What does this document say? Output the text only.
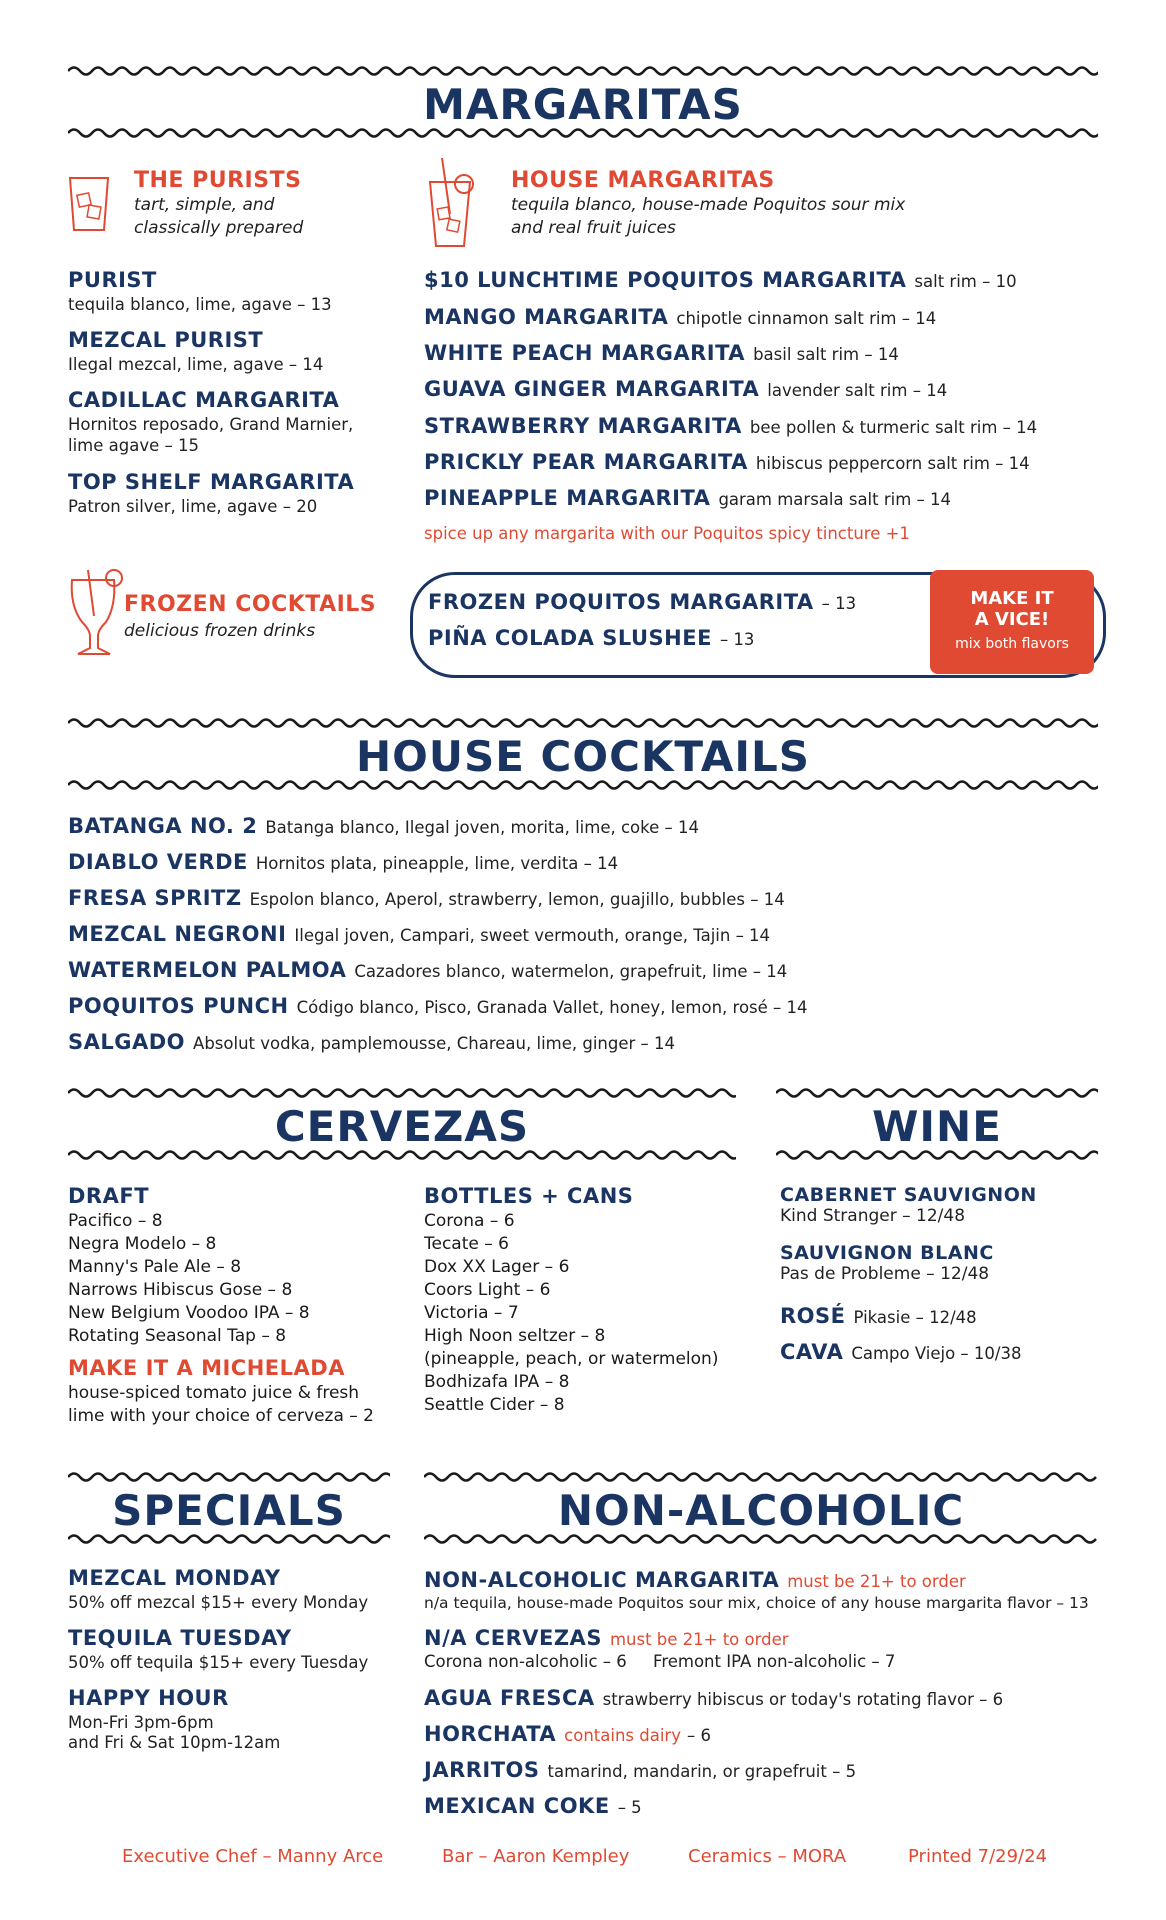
MARGARITAS
THE PURISTS
tart, simple, and
classically prepared
PURIST
tequila blanco, lime, agave – 13
MEZCAL PURIST
Ilegal mezcal, lime, agave – 14
CADILLAC MARGARITA
Hornitos reposado, Grand Marnier,
lime agave – 15
TOP SHELF MARGARITA
Patron silver, lime, agave – 20
HOUSE MARGARITAS
tequila blanco, house-made Poquitos sour mix
and real fruit juices
$10 LUNCHTIME POQUITOS MARGARITA salt rim – 10
MANGO MARGARITA chipotle cinnamon salt rim – 14
WHITE PEACH MARGARITA basil salt rim – 14
GUAVA GINGER MARGARITA lavender salt rim – 14
STRAWBERRY MARGARITA bee pollen & turmeric salt rim – 14
PRICKLY PEAR MARGARITA hibiscus peppercorn salt rim – 14
PINEAPPLE MARGARITA garam marsala salt rim – 14
spice up any margarita with our Poquitos spicy tincture +1
FROZEN COCKTAILS
delicious frozen drinks
FROZEN POQUITOS MARGARITA – 13
PIÑA COLADA SLUSHEE – 13
MAKE IT
A VICE!
mix both flavors
HOUSE COCKTAILS
BATANGA NO. 2 Batanga blanco, Ilegal joven, morita, lime, coke – 14
DIABLO VERDE Hornitos plata, pineapple, lime, verdita – 14
FRESA SPRITZ Espolon blanco, Aperol, strawberry, lemon, guajillo, bubbles – 14
MEZCAL NEGRONI Ilegal joven, Campari, sweet vermouth, orange, Tajin – 14
WATERMELON PALMOA Cazadores blanco, watermelon, grapefruit, lime – 14
POQUITOS PUNCH Código blanco, Pisco, Granada Vallet, honey, lemon, rosé – 14
SALGADO Absolut vodka, pamplemousse, Chareau, lime, ginger – 14
CERVEZAS
DRAFT
Pacifico – 8
Negra Modelo – 8
Manny's Pale Ale – 8
Narrows Hibiscus Gose – 8
New Belgium Voodoo IPA – 8
Rotating Seasonal Tap – 8
MAKE IT A MICHELADA
house-spiced tomato juice & fresh
lime with your choice of cerveza – 2
BOTTLES + CANS
Corona – 6
Tecate – 6
Dox XX Lager – 6
Coors Light – 6
Victoria – 7
High Noon seltzer – 8
(pineapple, peach, or watermelon)
Bodhizafa IPA – 8
Seattle Cider – 8
WINE
CABERNET SAUVIGNON
Kind Stranger – 12/48
SAUVIGNON BLANC
Pas de Probleme – 12/48
ROSÉ Pikasie – 12/48
CAVA Campo Viejo – 10/38
SPECIALS
MEZCAL MONDAY
50% off mezcal $15+ every Monday
TEQUILA TUESDAY
50% off tequila $15+ every Tuesday
HAPPY HOUR
Mon-Fri 3pm-6pm
and Fri & Sat 10pm-12am
NON-ALCOHOLIC
NON-ALCOHOLIC MARGARITA must be 21+ to order
n/a tequila, house-made Poquitos sour mix, choice of any house margarita flavor – 13
N/A CERVEZAS must be 21+ to order
Corona non-alcoholic – 6     Fremont IPA non-alcoholic – 7
AGUA FRESCA strawberry hibiscus or today's rotating flavor – 6
HORCHATA contains dairy – 6
JARRITOS tamarind, mandarin, or grapefruit – 5
MEXICAN COKE – 5
Executive Chef – Manny Arce	Bar – Aaron Kempley	Ceramics – MORA	Printed 7/29/24
